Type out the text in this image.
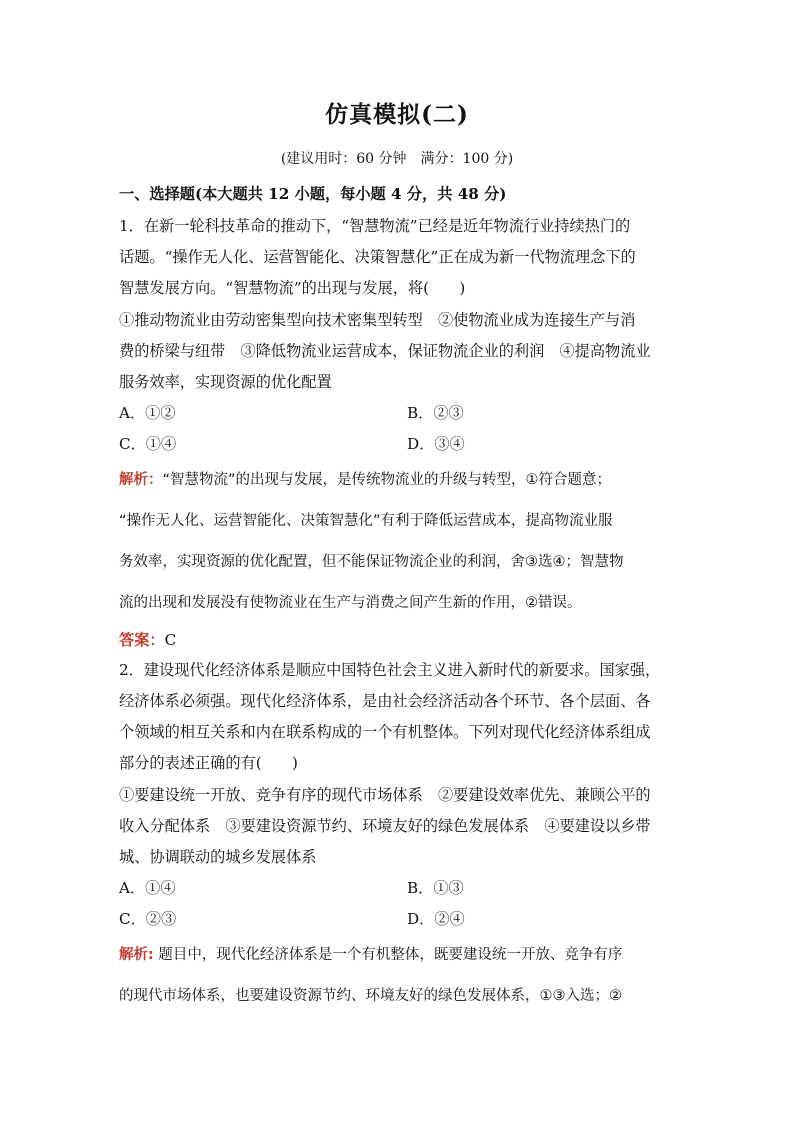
仿真模拟(二)
(建议用时：60 分钟　满分：100 分)
一、选择题(本大题共 12 小题，每小题 4 分，共 48 分)
1．在新一轮科技革命的推动下，“智慧物流”已经是近年物流行业持续热门的
话题。“操作无人化、运营智能化、决策智慧化”正在成为新一代物流理念下的
智慧发展方向。“智慧物流”的出现与发展，将(　　)
①推动物流业由劳动密集型向技术密集型转型　②使物流业成为连接生产与消
费的桥梁与纽带　③降低物流业运营成本，保证物流企业的利润　④提高物流业
服务效率，实现资源的优化配置
A．①②	B．②③
C．①④	D．③④
解析：“智慧物流”的出现与发展，是传统物流业的升级与转型，①符合题意；
“操作无人化、运营智能化、决策智慧化”有利于降低运营成本，提高物流业服
务效率，实现资源的优化配置，但不能保证物流企业的利润，舍③选④；智慧物
流的出现和发展没有使物流业在生产与消费之间产生新的作用，②错误。
答案：C
2．建设现代化经济体系是顺应中国特色社会主义进入新时代的新要求。国家强，
经济体系必须强。现代化经济体系，是由社会经济活动各个环节、各个层面、各
个领域的相互关系和内在联系构成的一个有机整体。下列对现代化经济体系组成
部分的表述正确的有(　　)
①要建设统一开放、竞争有序的现代市场体系　②要建设效率优先、兼顾公平的
收入分配体系　③要建设资源节约、环境友好的绿色发展体系　④要建设以乡带
城、协调联动的城乡发展体系
A．①④	B．①③
C．②③	D．②④
解析: 题目中，现代化经济体系是一个有机整体，既要建设统一开放、竞争有序
的现代市场体系，也要建设资源节约、环境友好的绿色发展体系，①③入选；②
